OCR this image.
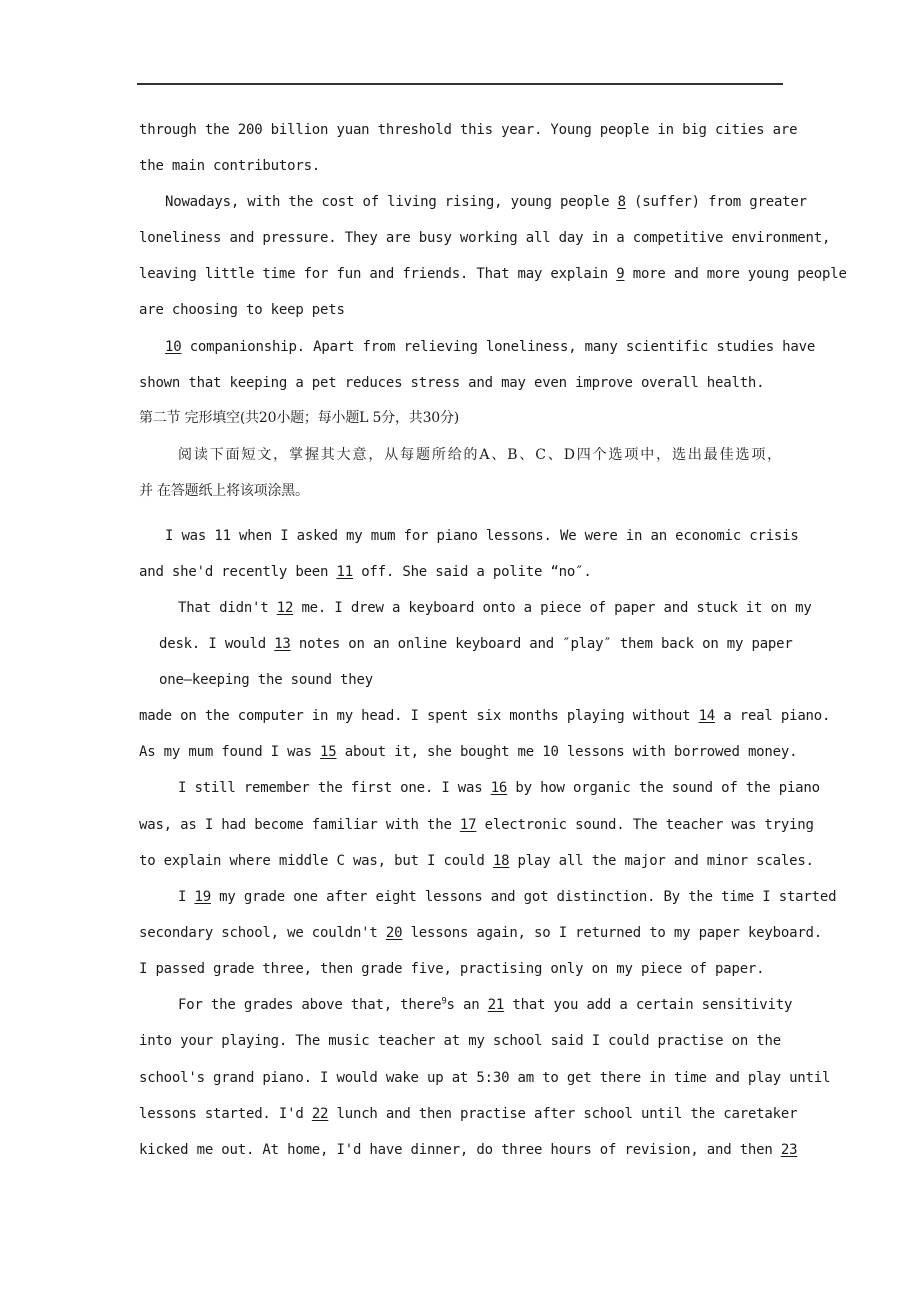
through the 200 billion yuan threshold this year. Young people in big cities are
the main contributors.
Nowadays, with the cost of living rising, young people 8 (suffer) from greater
loneliness and pressure. They are busy working all day in a competitive environment,
leaving little time for fun and friends. That may explain 9 more and more young people
are choosing to keep pets
10 companionship. Apart from relieving loneliness, many scientific studies have
shown that keeping a pet reduces stress and may even improve overall health.
第二节 完形填空(共20小题；每小题L 5分，共30分)
阅读下面短文，掌握其大意，从每题所给的A、B、C、D四个选项中，选出最佳选项，
并 在答题纸上将该项涂黑。
I was 11 when I asked my mum for piano lessons. We were in an economic crisis
and she'd recently been 11 off. She said a polite “no″.
That didn't 12 me. I drew a keyboard onto a piece of paper and stuck it on my
desk. I would 13 notes on an online keyboard and ″play″ them back on my paper
one—keeping the sound they
made on the computer in my head. I spent six months playing without 14 a real piano.
As my mum found I was 15 about it, she bought me 10 lessons with borrowed money.
I still remember the first one. I was 16 by how organic the sound of the piano
was, as I had become familiar with the 17 electronic sound. The teacher was trying
to explain where middle C was, but I could 18 play all the major and minor scales.
I 19 my grade one after eight lessons and got distinction. By the time I started
secondary school, we couldn't 20 lessons again, so I returned to my paper keyboard.
I passed grade three, then grade five, practising only on my piece of paper.
For the grades above that, there$^9$s an 21 that you add a certain sensitivity
into your playing. The music teacher at my school said I could practise on the
school's grand piano. I would wake up at 5:30 am to get there in time and play until
lessons started. I'd 22 lunch and then practise after school until the caretaker
kicked me out. At home, I'd have dinner, do three hours of revision, and then 23
